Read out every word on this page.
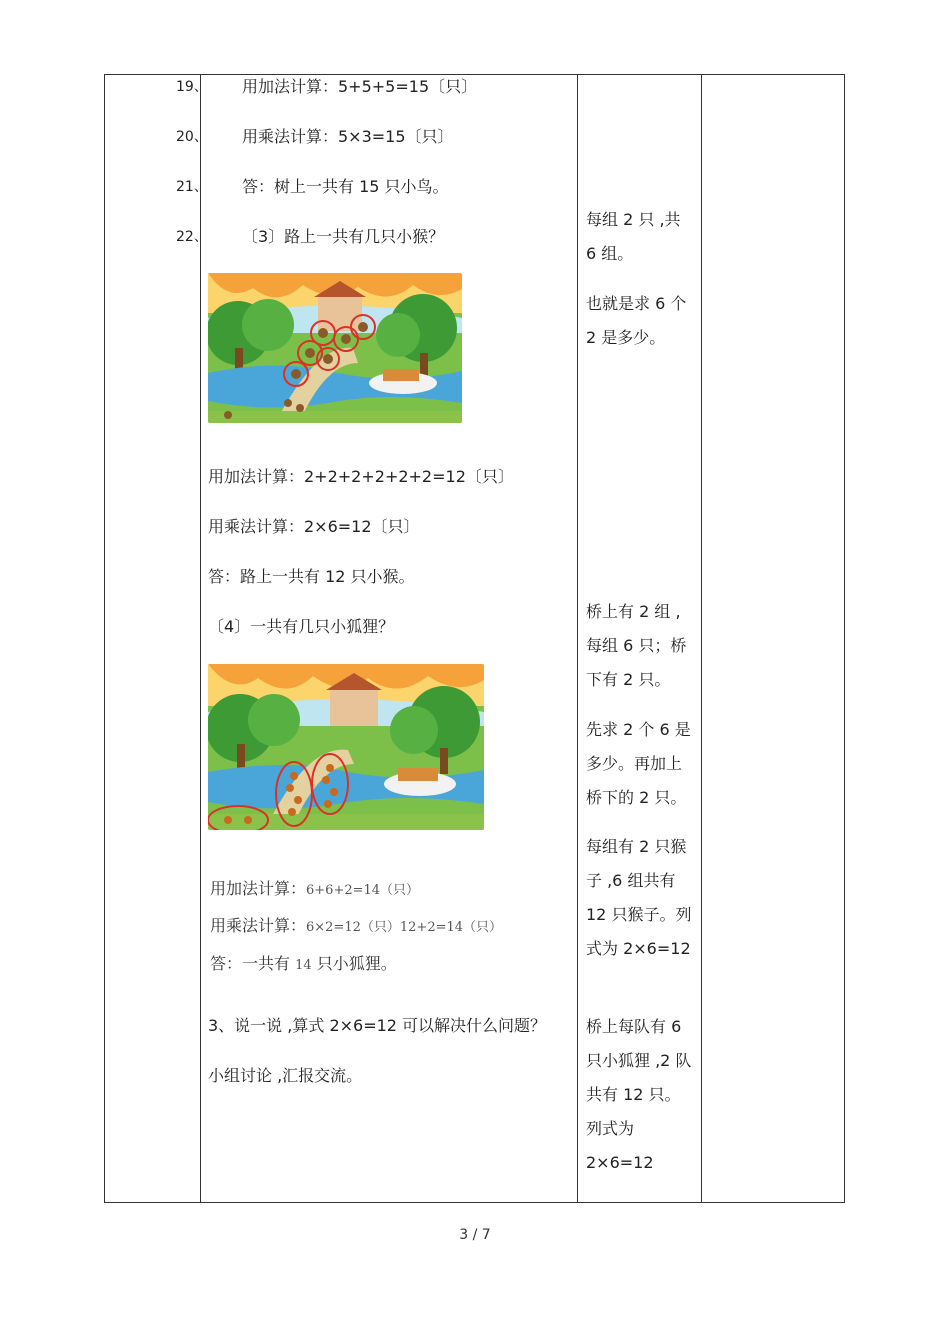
19、 用加法计算：5+5+5=15〔只〕
20、 用乘法计算：5×3=15〔只〕
21、 答：树上一共有 15 只小鸟。
22、 〔3〕路上一共有几只小猴？
用加法计算：2+2+2+2+2+2=12〔只〕
用乘法计算：2×6=12〔只〕
答：路上一共有 12 只小猴。
〔4〕一共有几只小狐狸？
用加法计算：6+6+2=14（只）
用乘法计算：6×2=12（只）12+2=14（只）
答：一共有 14 只小狐狸。
3、说一说 ,算式 2×6=12 可以解决什么问题？
小组讨论 ,汇报交流。

每组 2 只 ,共 6 组。

也就是求 6 个 2 是多少。

桥上有 2 组 ,每组 6 只；桥下有 2 只。

先求 2 个 6 是多少。再加上桥下的 2 只。

每组有 2 只猴子 ,6 组共有 12 只猴子。列式为 2×6=12

桥上每队有 6 只小狐狸 ,2 队共有 12 只。列式为 2×6=12

3 / 7
